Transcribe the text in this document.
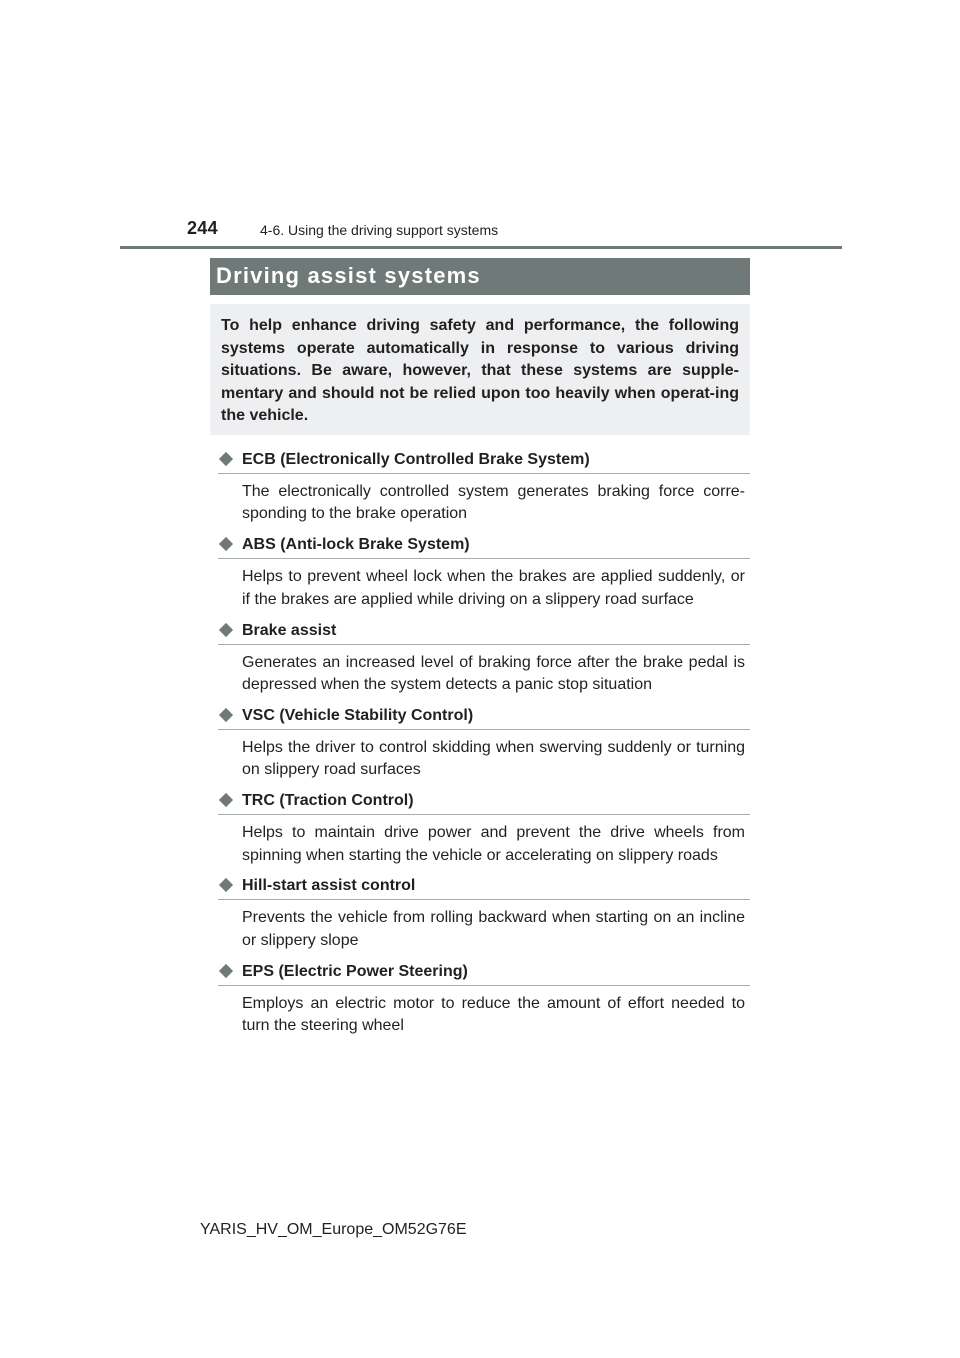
244	4-6. Using the driving support systems
Driving assist systems

To help enhance driving safety and performance, the following systems operate automatically in response to various driving situations. Be aware, however, that these systems are supple-mentary and should not be relied upon too heavily when operat-ing the vehicle.

ECB (Electronically Controlled Brake System)

The electronically controlled system generates braking force corre-sponding to the brake operation

ABS (Anti-lock Brake System)

Helps to prevent wheel lock when the brakes are applied suddenly, or if the brakes are applied while driving on a slippery road surface

Brake assist

Generates an increased level of braking force after the brake pedal is depressed when the system detects a panic stop situation

VSC (Vehicle Stability Control)

Helps the driver to control skidding when swerving suddenly or turning on slippery road surfaces

TRC (Traction Control)

Helps to maintain drive power and prevent the drive wheels from spinning when starting the vehicle or accelerating on slippery roads

Hill-start assist control

Prevents the vehicle from rolling backward when starting on an incline or slippery slope

EPS (Electric Power Steering)

Employs an electric motor to reduce the amount of effort needed to turn the steering wheel

YARIS_HV_OM_Europe_OM52G76E
